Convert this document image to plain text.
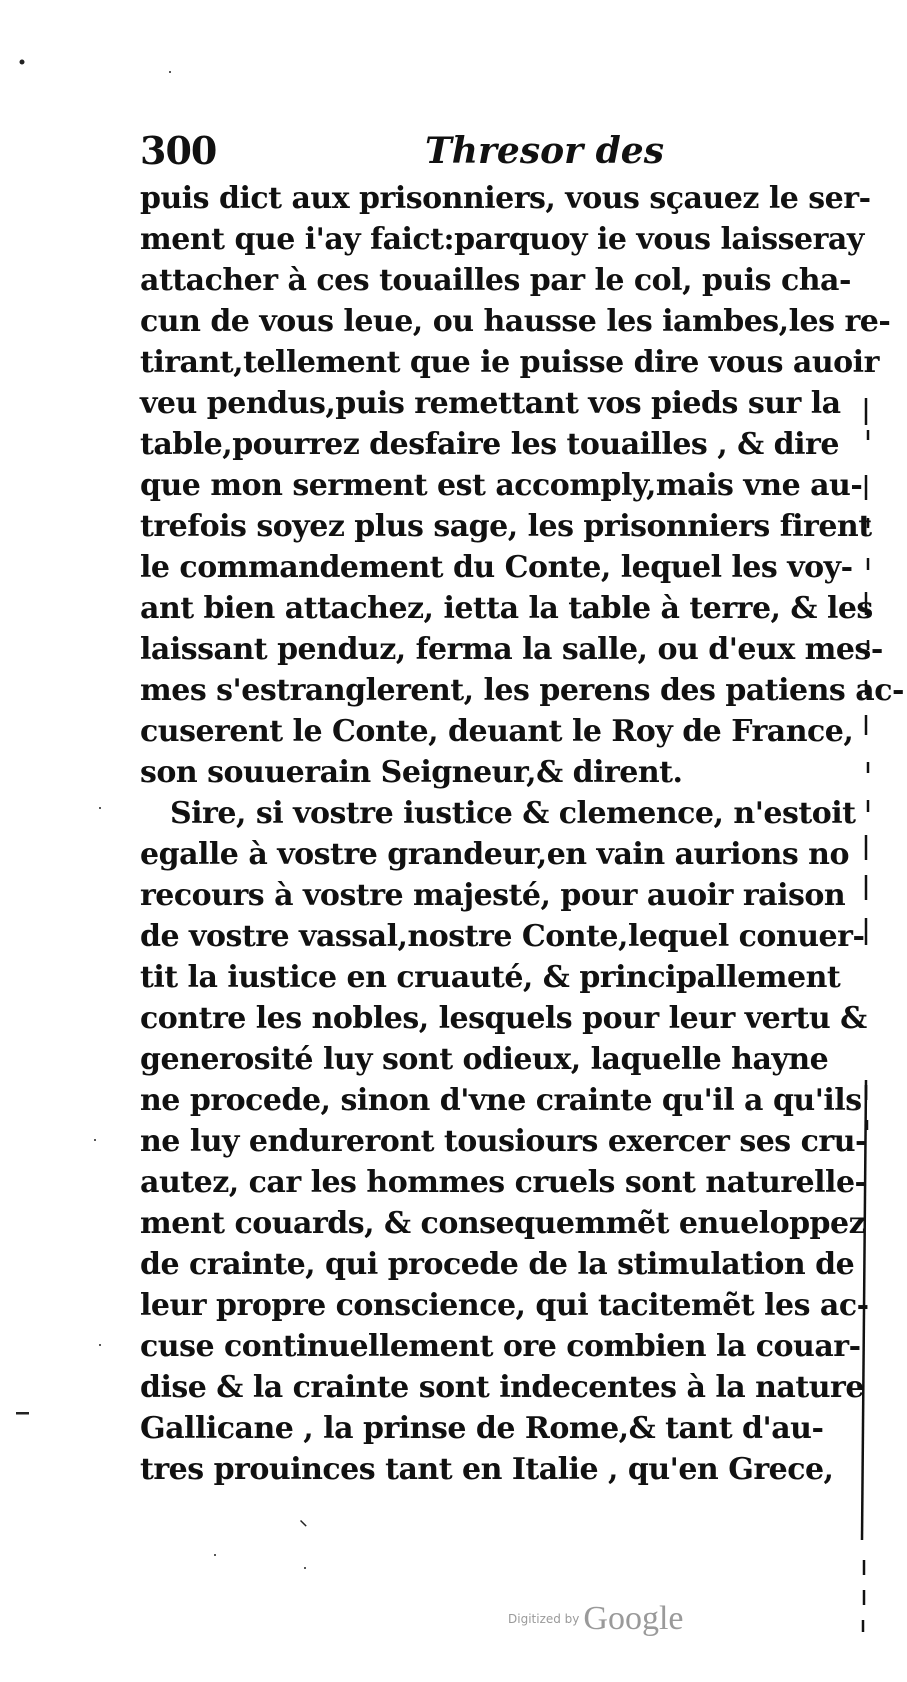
300	Thresor des
puis dict aux prisonniers, vous sçauez le ser-
ment que i'ay faict:parquoy ie vous laisseray
attacher à ces touailles par le col, puis cha-
cun de vous leue, ou hausse les iambes,les re-
tirant,tellement que ie puisse dire vous auoir
veu pendus,puis remettant vos pieds sur la
table,pourrez desfaire les touailles , & dire
que mon serment est accomply,mais vne au-
trefois soyez plus sage, les prisonniers firent
le commandement du Conte, lequel les voy-
ant bien attachez, ietta la table à terre, & les
laissant penduz, ferma la salle, ou d'eux mes-
mes s'estranglerent, les perens des patiens ac-
cuserent le Conte, deuant le Roy de France,
son souuerain Seigneur,& dirent.
Sire, si vostre iustice & clemence, n'estoit
egalle à vostre grandeur,en vain aurions no
recours à vostre majesté, pour auoir raison
de vostre vassal,nostre Conte,lequel conuer-
tit la iustice en cruauté, & principallement
contre les nobles, lesquels pour leur vertu &
generosité luy sont odieux, laquelle hayne
ne procede, sinon d'vne crainte qu'il a qu'ils
ne luy endureront tousiours exercer ses cru-
autez, car les hommes cruels sont naturelle-
ment couards, & consequemmẽt enueloppez
de crainte, qui procede de la stimulation de
leur propre conscience, qui tacitemẽt les ac-
cuse continuellement ore combien la couar-
dise & la crainte sont indecentes à la nature
Gallicane , la prinse de Rome,& tant d'au-
tres prouinces tant en Italie , qu'en Grece,
Digitized by Google
